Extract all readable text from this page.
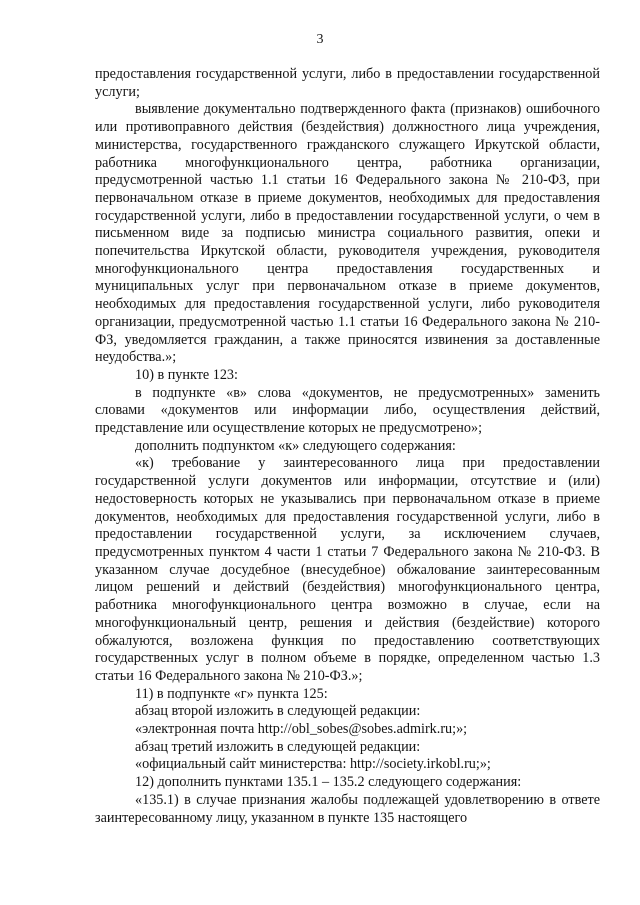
3

предоставления государственной услуги, либо в предоставлении государственной услуги;

выявление документально подтвержденного факта (признаков) ошибочного или противоправного действия (бездействия) должностного лица учреждения, министерства, государственного гражданского служащего Иркутской области, работника многофункционального центра, работника организации, предусмотренной частью 1.1 статьи 16 Федерального закона № 210-ФЗ, при первоначальном отказе в приеме документов, необходимых для предоставления государственной услуги, либо в предоставлении государственной услуги, о чем в письменном виде за подписью министра социального развития, опеки и попечительства Иркутской области, руководителя учреждения, руководителя многофункционального центра предоставления государственных и муниципальных услуг при первоначальном отказе в приеме документов, необходимых для предоставления государственной услуги, либо руководителя организации, предусмотренной частью 1.1 статьи 16 Федерального закона № 210-ФЗ, уведомляется гражданин, а также приносятся извинения за доставленные неудобства.»;

10) в пункте 123:

в подпункте «в» слова «документов, не предусмотренных» заменить словами «документов или информации либо, осуществления действий, представление или осуществление которых не предусмотрено»;

дополнить подпунктом «к» следующего содержания:

«к) требование у заинтересованного лица при предоставлении государственной услуги документов или информации, отсутствие и (или) недостоверность которых не указывались при первоначальном отказе в приеме документов, необходимых для предоставления государственной услуги, либо в предоставлении государственной услуги, за исключением случаев, предусмотренных пунктом 4 части 1 статьи 7 Федерального закона № 210-ФЗ. В указанном случае досудебное (внесудебное) обжалование заинтересованным лицом решений и действий (бездействия) многофункционального центра, работника многофункционального центра возможно в случае, если на многофункциональный центр, решения и действия (бездействие) которого обжалуются, возложена функция по предоставлению соответствующих государственных услуг в полном объеме в порядке, определенном частью 1.3 статьи 16 Федерального закона № 210-ФЗ.»;

11) в подпункте «г» пункта 125:

абзац второй изложить в следующей редакции:

«электронная почта http://obl_sobes@sobes.admirk.ru;»;

абзац третий изложить в следующей редакции:

«официальный сайт министерства: http://society.irkobl.ru;»;

12) дополнить пунктами 135.1 – 135.2 следующего содержания:

«135.1) в случае признания жалобы подлежащей удовлетворению в ответе заинтересованному лицу, указанном в пункте 135 настоящего
